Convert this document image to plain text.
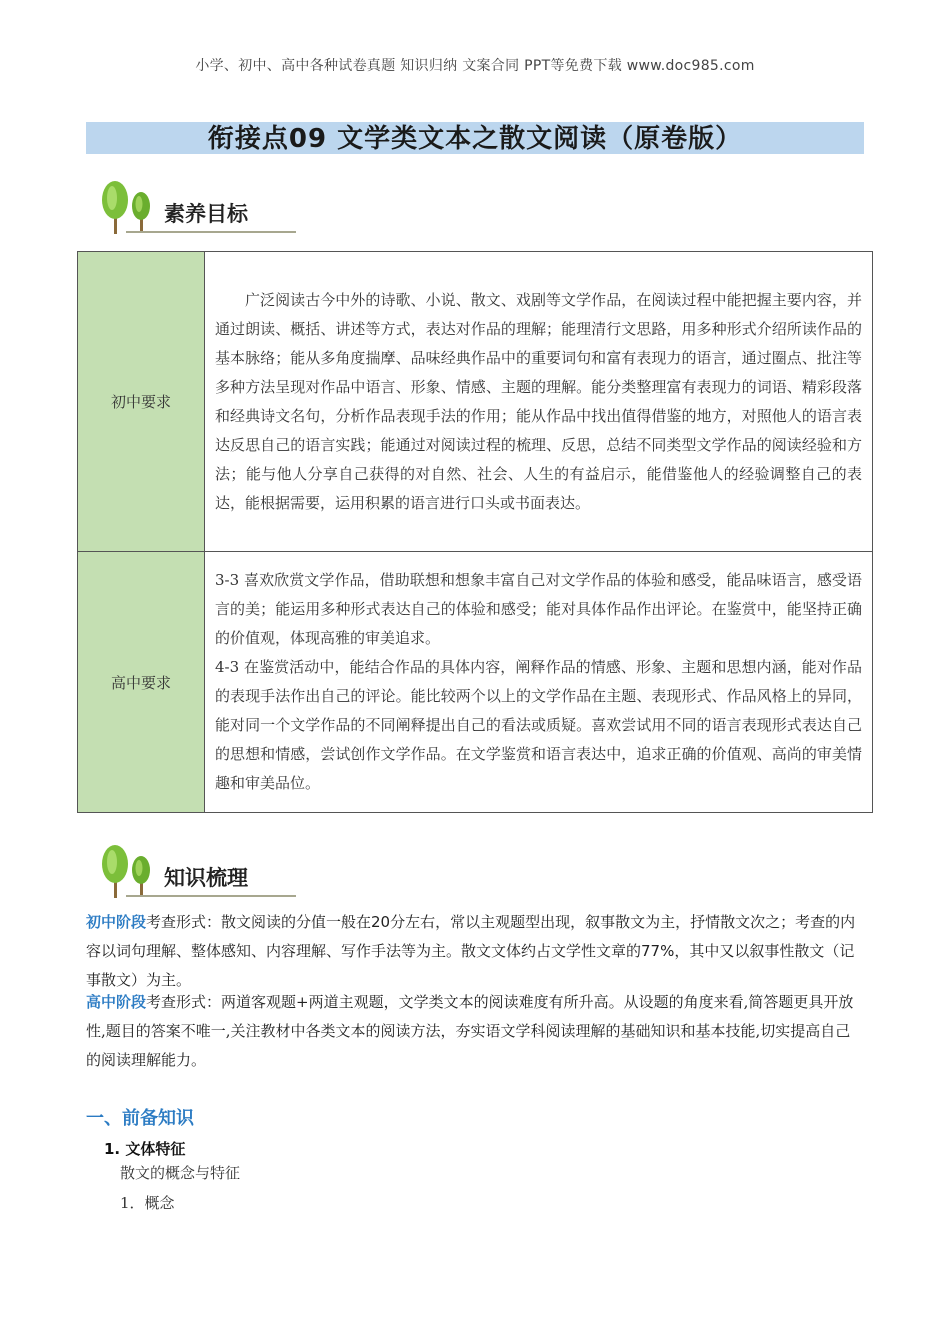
小学、初中、高中各种试卷真题 知识归纳 文案合同 PPT等免费下载 www.doc985.com
衔接点09 文学类文本之散文阅读（原卷版）
素养目标
初中要求	广泛阅读古今中外的诗歌、小说、散文、戏剧等文学作品，在阅读过程中能把握主要内容，并通过朗读、概括、讲述等方式，表达对作品的理解；能理清行文思路，用多种形式介绍所读作品的基本脉络；能从多角度揣摩、品味经典作品中的重要词句和富有表现力的语言，通过圈点、批注等多种方法呈现对作品中语言、形象、情感、主题的理解。能分类整理富有表现力的词语、精彩段落和经典诗文名句，分析作品表现手法的作用；能从作品中找出值得借鉴的地方，对照他人的语言表达反思自己的语言实践；能通过对阅读过程的梳理、反思，总结不同类型文学作品的阅读经验和方法；能与他人分享自己获得的对自然、社会、人生的有益启示，能借鉴他人的经验调整自己的表达，能根据需要，运用积累的语言进行口头或书面表达。

高中要求	3-3 喜欢欣赏文学作品，借助联想和想象丰富自己对文学作品的体验和感受，能品味语言，感受语言的美；能运用多种形式表达自己的体验和感受；能对具体作品作出评论。在鉴赏中，能坚持正确的价值观，体现高雅的审美追求。
4-3 在鉴赏活动中，能结合作品的具体内容，阐释作品的情感、形象、主题和思想内涵，能对作品的表现手法作出自己的评论。能比较两个以上的文学作品在主题、表现形式、作品风格上的异同，能对同一个文学作品的不同阐释提出自己的看法或质疑。喜欢尝试用不同的语言表现形式表达自己的思想和情感，尝试创作文学作品。在文学鉴赏和语言表达中，追求正确的价值观、高尚的审美情趣和审美品位。
知识梳理
初中阶段考查形式：散文阅读的分值一般在20分左右，常以主观题型出现，叙事散文为主，抒情散文次之；考查的内容以词句理解、整体感知、内容理解、写作手法等为主。散文文体约占文学性文章的77%，其中又以叙事性散文（记事散文）为主。
高中阶段考查形式：两道客观题+两道主观题，文学类文本的阅读难度有所升高。从设题的角度来看,简答题更具开放性,题目的答案不唯一,关注教材中各类文本的阅读方法，夯实语文学科阅读理解的基础知识和基本技能,切实提高自己的阅读理解能力。
一、前备知识
1. 文体特征
散文的概念与特征
1．概念
